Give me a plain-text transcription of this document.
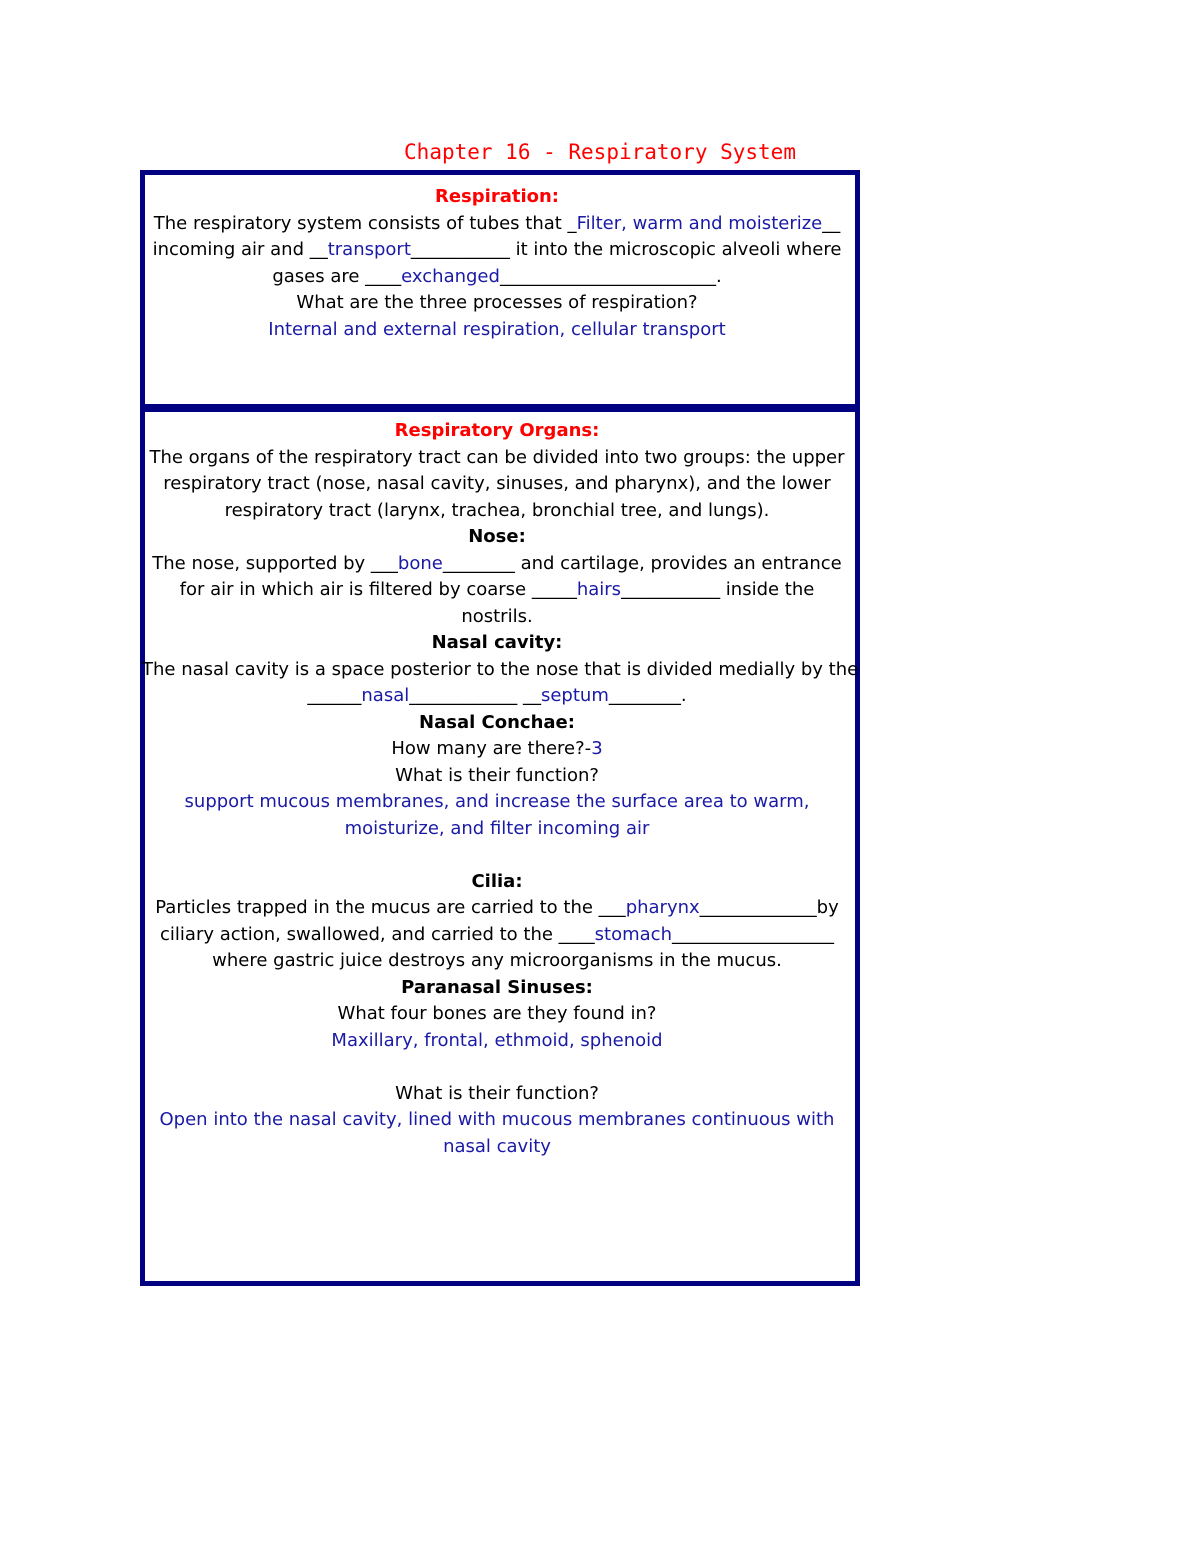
Chapter 16 - Respiratory System
Respiration:
The respiratory system consists of tubes that _Filter, warm and moisterize__
incoming air and __transport___________ it into the microscopic alveoli where
gases are ____exchanged________________________.
What are the three processes of respiration?
Internal and external respiration, cellular transport
Respiratory Organs:
The organs of the respiratory tract can be divided into two groups: the upper
respiratory tract (nose, nasal cavity, sinuses, and pharynx), and the lower
respiratory tract (larynx, trachea, bronchial tree, and lungs).
Nose:
The nose, supported by ___bone________ and cartilage, provides an entrance
for air in which air is filtered by coarse _____hairs___________ inside the
nostrils.
Nasal cavity:
The nasal cavity is a space posterior to the nose that is divided medially by the
______nasal____________ __septum________.
Nasal Conchae:
How many are there?-3
What is their function?
support mucous membranes, and increase the surface area to warm,
moisturize, and filter incoming air
Cilia:
Particles trapped in the mucus are carried to the ___pharynx_____________by
ciliary action, swallowed, and carried to the ____stomach__________________
where gastric juice destroys any microorganisms in the mucus.
Paranasal Sinuses:
What four bones are they found in?
Maxillary, frontal, ethmoid, sphenoid
What is their function?
Open into the nasal cavity, lined with mucous membranes continuous with
nasal cavity
